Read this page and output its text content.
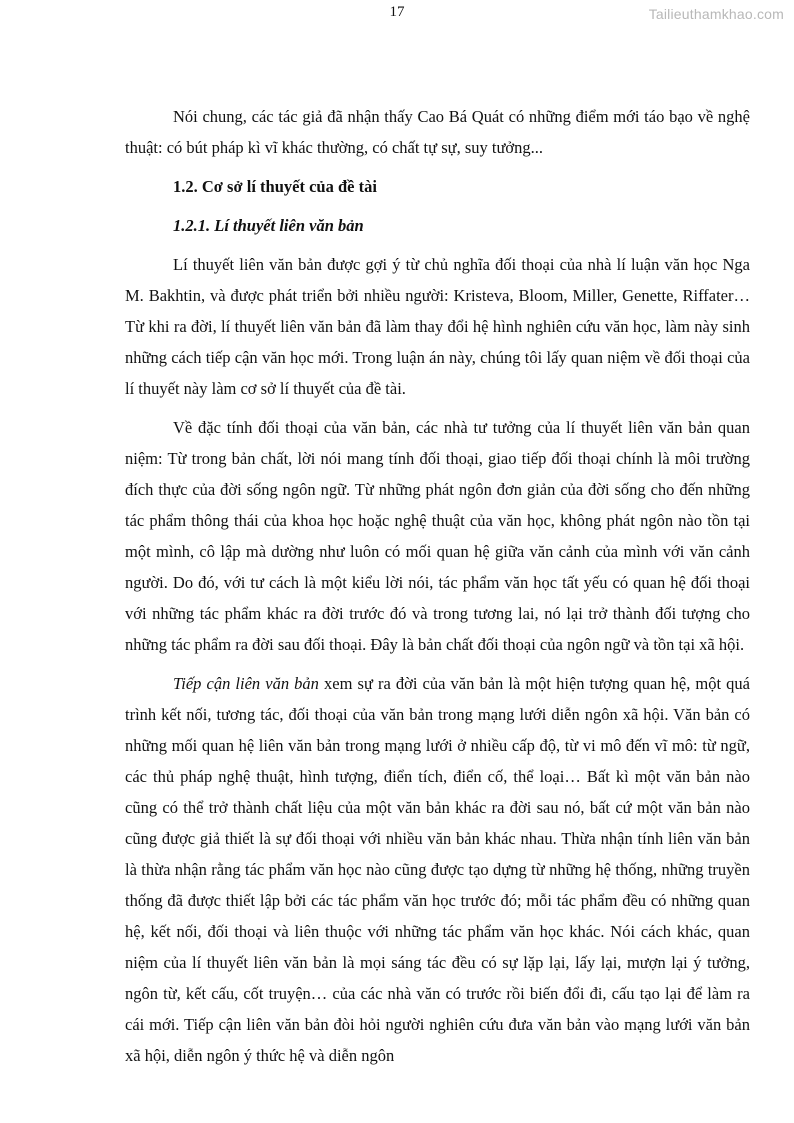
17	Tailieuthamkhao.com

Nói chung, các tác giả đã nhận thấy Cao Bá Quát có những điểm mới táo bạo về nghệ thuật: có bút pháp kì vĩ khác thường, có chất tự sự, suy tưởng...

1.2. Cơ sở lí thuyết của đề tài
1.2.1. Lí thuyết liên văn bản

Lí thuyết liên văn bản được gợi ý từ chủ nghĩa đối thoại của nhà lí luận văn học Nga M. Bakhtin, và được phát triển bởi nhiều người: Kristeva, Bloom, Miller, Genette, Riffater… Từ khi ra đời, lí thuyết liên văn bản đã làm thay đổi hệ hình nghiên cứu văn học, làm này sinh những cách tiếp cận văn học mới. Trong luận án này, chúng tôi lấy quan niệm về đối thoại của lí thuyết này làm cơ sở lí thuyết của đề tài.

Về đặc tính đối thoại của văn bản, các nhà tư tưởng của lí thuyết liên văn bản quan niệm: Từ trong bản chất, lời nói mang tính đối thoại, giao tiếp đối thoại chính là môi trường đích thực của đời sống ngôn ngữ. Từ những phát ngôn đơn giản của đời sống cho đến những tác phẩm thông thái của khoa học hoặc nghệ thuật của văn học, không phát ngôn nào tồn tại một mình, cô lập mà dường như luôn có mối quan hệ giữa văn cảnh của mình với văn cảnh người. Do đó, với tư cách là một kiểu lời nói, tác phẩm văn học tất yếu có quan hệ đối thoại với những tác phẩm khác ra đời trước đó và trong tương lai, nó lại trở thành đối tượng cho những tác phẩm ra đời sau đối thoại. Đây là bản chất đối thoại của ngôn ngữ và tồn tại xã hội.

Tiếp cận liên văn bản xem sự ra đời của văn bản là một hiện tượng quan hệ, một quá trình kết nối, tương tác, đối thoại của văn bản trong mạng lưới diễn ngôn xã hội. Văn bản có những mối quan hệ liên văn bản trong mạng lưới ở nhiều cấp độ, từ vi mô đến vĩ mô: từ ngữ, các thủ pháp nghệ thuật, hình tượng, điển tích, điển cố, thể loại… Bất kì một văn bản nào cũng có thể trở thành chất liệu của một văn bản khác ra đời sau nó, bất cứ một văn bản nào cũng được giả thiết là sự đối thoại với nhiều văn bản khác nhau. Thừa nhận tính liên văn bản là thừa nhận rằng tác phẩm văn học nào cũng được tạo dựng từ những hệ thống, những truyền thống đã được thiết lập bởi các tác phẩm văn học trước đó; mỗi tác phẩm đều có những quan hệ, kết nối, đối thoại và liên thuộc với những tác phẩm văn học khác. Nói cách khác, quan niệm của lí thuyết liên văn bản là mọi sáng tác đều có sự lặp lại, lấy lại, mượn lại ý tưởng, ngôn từ, kết cấu, cốt truyện… của các nhà văn có trước rồi biến đổi đi, cấu tạo lại để làm ra cái mới. Tiếp cận liên văn bản đòi hỏi người nghiên cứu đưa văn bản vào mạng lưới văn bản xã hội, diễn ngôn ý thức hệ và diễn ngôn
